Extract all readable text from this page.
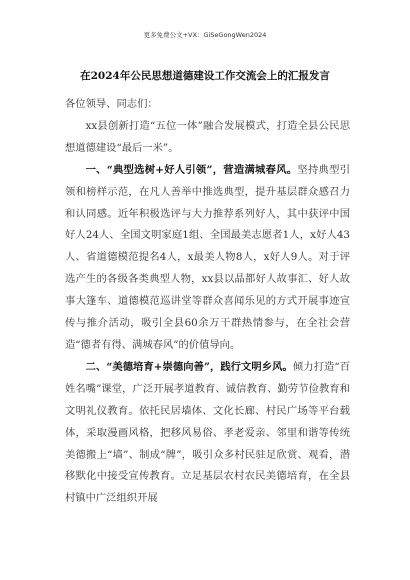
更多免费公文+VX：GiSeGongWen2024
在2024年公民思想道德建设工作交流会上的汇报发言

各位领导、同志们：

xx县创新打造“五位一体”融合发展模式，打造全县公民思想道德建设“最后一米”。

一、“典型选树+好人引领”，营造满城春风。坚持典型引领和榜样示范，在凡人善举中推选典型，提升基层群众感召力和认同感。近年积极选评与大力推荐系列好人，其中获评中国好人24人、全国文明家庭1组、全国最美志愿者1人，x好人43人、省道德模范提名4人，x最美人物8人，x好人9人。对于评选产生的各级各类典型人物，xx县以晶都好人故事汇、好人故事大篷车、道德模范巡讲堂等群众喜闻乐见的方式开展事迹宣传与推介活动，吸引全县60余万干群热情参与，在全社会营造“德者有得、满城春风”的价值导向。

二、“美德培育+崇德向善”，践行文明乡风。倾力打造“百姓名嘴”课堂，广泛开展孝道教育、诚信教育、勤劳节俭教育和文明礼仪教育。依托民居墙体、文化长廊、村民广场等平台载体，采取漫画风格，把移风易俗、孝老爱亲、邻里和谐等传统美德搬上“墙”、制成“牌”，吸引众多村民驻足欣赏、观看，潜移默化中接受宣传教育。立足基层农村农民美德培育，在全县村镇中广泛组织开展
